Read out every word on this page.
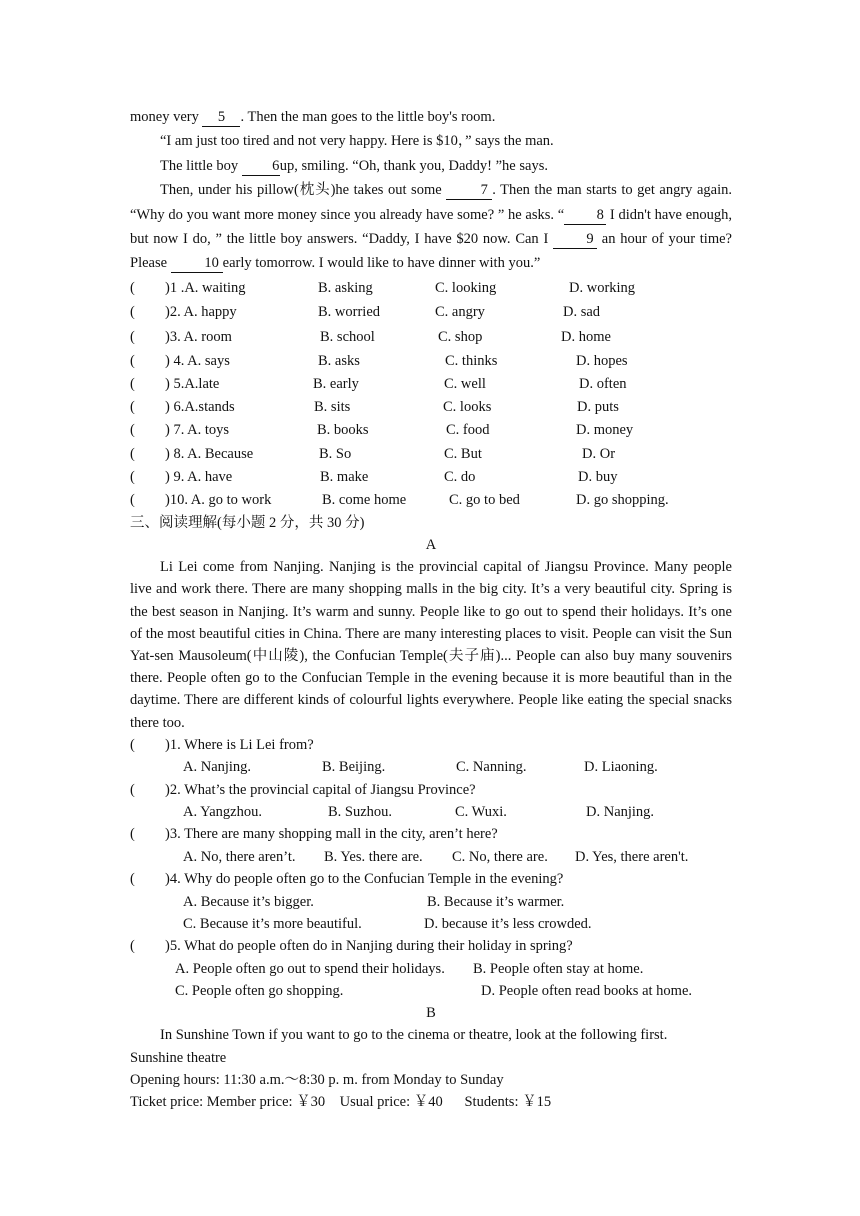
money very 5 . Then the man goes to the little boy's room.

“I am just too tired and not very happy. Here is $10，” says the man.

The little boy 6up, smiling. “Oh, thank you, Daddy! ”he says.

Then, under his pillow(枕头)he takes out some 7 . Then the man starts to get angry again. “Why do you want more money since you already have some? ” he asks. “ 8 I didn't have enough, but now I do, ” the little boy answers. “Daddy, I have $20 now. Can I 9 an hour of your time? Please 10 early tomorrow. I would like to have dinner with you.”

(	)1 .A. waiting	B. asking	C. looking	D. working
(	)2. A. happy	B. worried	C. angry	D. sad
(	)3. A. room	B. school	C. shop	D. home
(	) 4. A. says	B. asks	C. thinks	D. hopes
(	) 5.A.late	B. early	C. well	D. often
(	) 6.A.stands	B. sits	C. looks	D. puts
(	) 7. A. toys	B. books	C. food	D. money
(	) 8. A. Because	B. So	C. But	D. Or
(	) 9. A. have	B. make	C. do	D. buy
(	)10. A. go to work	B. come home	C. go to bed	D. go shopping.

三、阅读理解(每小题 2 分，共 30 分)

A

Li Lei come from Nanjing. Nanjing is the provincial capital of Jiangsu Province. Many people live and work there. There are many shopping malls in the big city. It’s a very beautiful city. Spring is the best season in Nanjing. It’s warm and sunny. People like to go out to spend their holidays. It’s one of the most beautiful cities in China. There are many interesting places to visit. People can visit the Sun Yat-sen Mausoleum(中山陵), the Confucian Temple(夫子庙)... People can also buy many souvenirs there. People often go to the Confucian Temple in the evening because it is more beautiful than in the daytime. There are different kinds of colourful lights everywhere. People like eating the special snacks there too.

(	)1. Where is Li Lei from?
A. Nanjing.	B. Beijing.	C. Nanning.	D. Liaoning.
(	)2. What’s the provincial capital of Jiangsu Province?
A. Yangzhou.	B. Suzhou.	C. Wuxi.	D. Nanjing.
(	)3. There are many shopping mall in the city, aren’t here?
A. No, there aren’t.	B. Yes. there are.	C. No, there are.	D. Yes, there aren't.
(	)4. Why do people often go to the Confucian Temple in the evening?
A. Because it’s bigger.	B. Because it’s warmer.
C. Because it’s more beautiful.	D. because it’s less crowded.
(	)5. What do people often do in Nanjing during their holiday in spring?
A. People often go out to spend their holidays.	B. People often stay at home.
C. People often go shopping.	D. People often read books at home.
B
In Sunshine Town if you want to go to the cinema or theatre, look at the following first.
Sunshine theatre
Opening hours: 11:30 a.m.～8:30 p. m. from Monday to Sunday
Ticket price: Member price: ￥30    Usual price: ￥40      Students: ￥15
